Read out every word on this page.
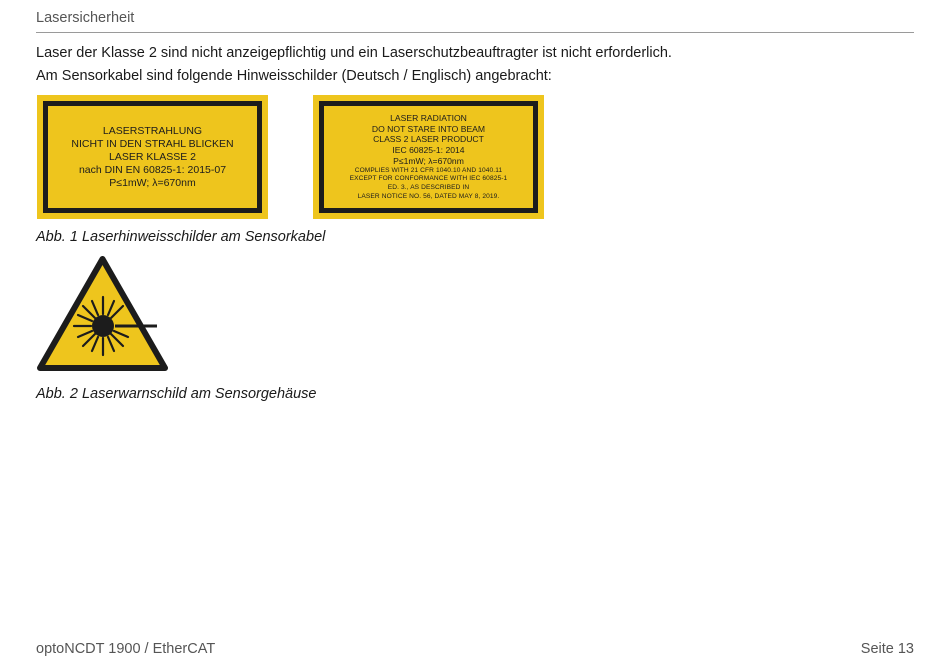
Lasersicherheit
Laser der Klasse 2 sind nicht anzeigepflichtig und ein Laserschutzbeauftragter ist nicht erforderlich.
Am Sensorkabel sind folgende Hinweisschilder (Deutsch / Englisch) angebracht:
LASERSTRAHLUNG
NICHT IN DEN STRAHL BLICKEN
LASER KLASSE 2
nach DIN EN 60825-1: 2015-07
P≤1mW; λ=670nm
LASER RADIATION
DO NOT STARE INTO BEAM
CLASS 2 LASER PRODUCT
IEC 60825-1: 2014
P≤1mW; λ=670nm
COMPLIES WITH 21 CFR 1040.10 AND 1040.11
EXCEPT FOR CONFORMANCE WITH IEC 60825-1
ED. 3., AS DESCRIBED IN
LASER NOTICE NO. 56, DATED MAY 8, 2019.
Abb. 1 Laserhinweisschilder am Sensorkabel
Abb. 2 Laserwarnschild am Sensorgehäuse
optoNCDT 1900 / EtherCAT	Seite 13
